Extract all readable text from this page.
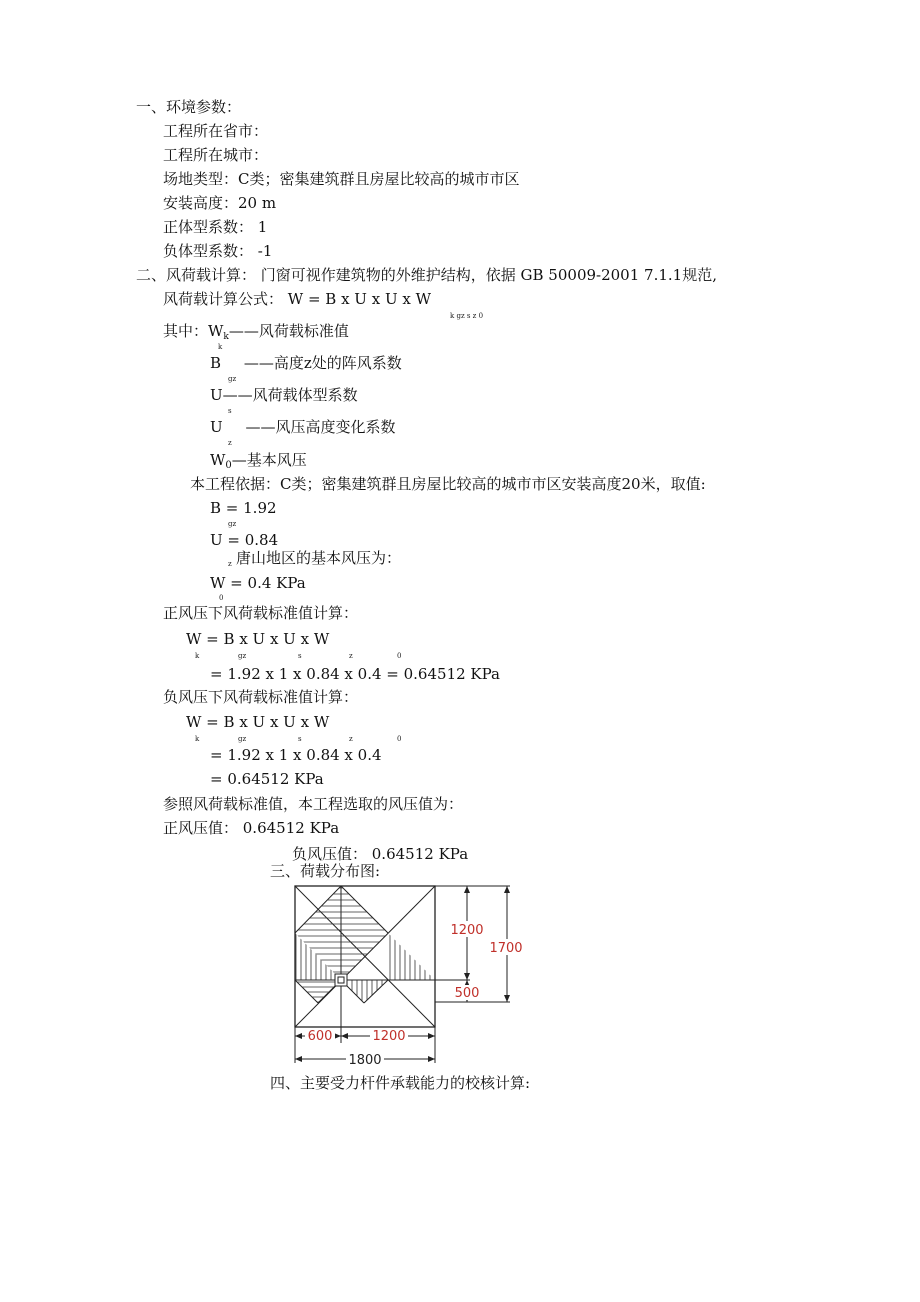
一、环境参数：
工程所在省市：
工程所在城市：
场地类型：C类；密集建筑群且房屋比较高的城市市区
安装高度：20 m
正体型系数： 1
负体型系数： -1
二、风荷载计算： 门窗可视作建筑物的外维护结构，依据 GB 50009-2001 7.1.1规范,
风荷载计算公式： W = B x U x U x W
k gz s z 0
其中：$W_k——$风荷载标准值
k
B ——高度z处的阵风系数
gz
U——风荷载体型系数
s
U ——风压高度变化系数
z
$W_0—$基本风压
本工程依据：C类；密集建筑群且房屋比较高的城市市区安装高度20米，取值:
B = 1.92
gz
U = 0.84
z 唐山地区的基本风压为：
W = 0.4 KPa
0
正风压下风荷载标准值计算：
W = B x U x U x W
k	gz	s	z	0
= 1.92 x 1 x 0.84 x 0.4 = 0.64512 KPa
负风压下风荷载标准值计算：
W = B x U x U x W
k	gz	s	z	0
= 1.92 x 1 x 0.84 x 0.4
= 0.64512 KPa
参照风荷载标准值，本工程选取的风压值为：
正风压值： 0.64512 KPa
负风压值： 0.64512 KPa
三、荷载分布图:
1200
1700
500
600	1200
1800
四、主要受力杆件承载能力的校核计算:
